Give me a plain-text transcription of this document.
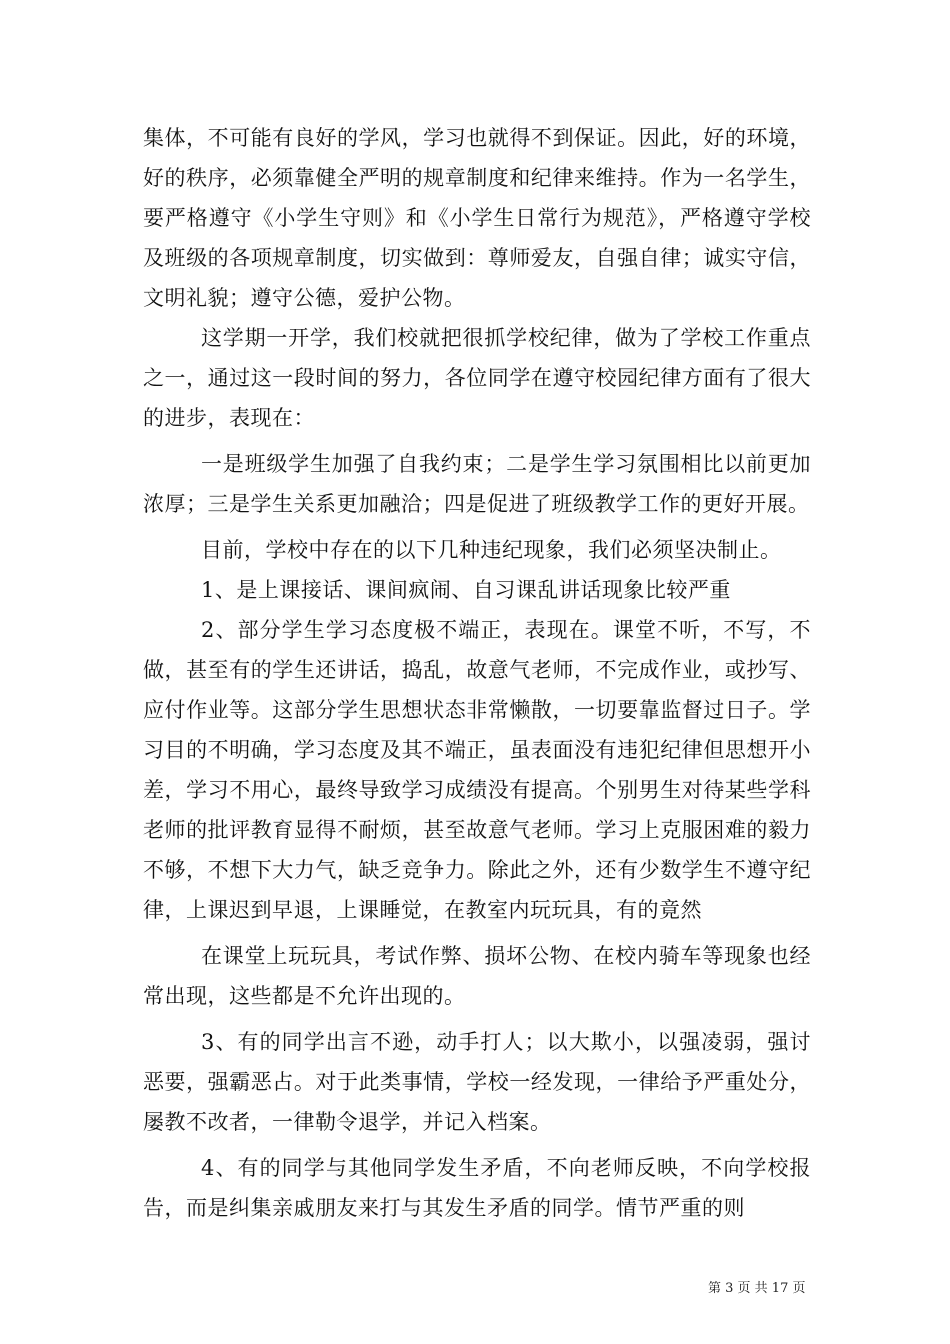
集体，不可能有良好的学风，学习也就得不到保证。因此，好的环境，好的秩序，必须靠健全严明的规章制度和纪律来维持。作为一名学生，要严格遵守《小学生守则》和《小学生日常行为规范》，严格遵守学校及班级的各项规章制度，切实做到：尊师爱友，自强自律；诚实守信，文明礼貌；遵守公德，爱护公物。

这学期一开学，我们校就把很抓学校纪律，做为了学校工作重点之一，通过这一段时间的努力，各位同学在遵守校园纪律方面有了很大的进步，表现在：

一是班级学生加强了自我约束；二是学生学习氛围相比以前更加浓厚；三是学生关系更加融洽；四是促进了班级教学工作的更好开展。

目前，学校中存在的以下几种违纪现象，我们必须坚决制止。

1、是上课接话、课间疯闹、自习课乱讲话现象比较严重

2、部分学生学习态度极不端正，表现在。课堂不听，不写，不做，甚至有的学生还讲话，捣乱，故意气老师，不完成作业，或抄写、应付作业等。这部分学生思想状态非常懒散，一切要靠监督过日子。学习目的不明确，学习态度及其不端正，虽表面没有违犯纪律但思想开小差，学习不用心，最终导致学习成绩没有提高。个别男生对待某些学科老师的批评教育显得不耐烦，甚至故意气老师。学习上克服困难的毅力不够，不想下大力气，缺乏竞争力。除此之外，还有少数学生不遵守纪律，上课迟到早退，上课睡觉，在教室内玩玩具，有的竟然

在课堂上玩玩具，考试作弊、损坏公物、在校内骑车等现象也经常出现，这些都是不允许出现的。

3、有的同学出言不逊，动手打人；以大欺小，以强凌弱，强讨恶要，强霸恶占。对于此类事情，学校一经发现，一律给予严重处分，屡教不改者，一律勒令退学，并记入档案。

4、有的同学与其他同学发生矛盾，不向老师反映，不向学校报告，而是纠集亲戚朋友来打与其发生矛盾的同学。情节严重的则

第 3 页 共 17 页
